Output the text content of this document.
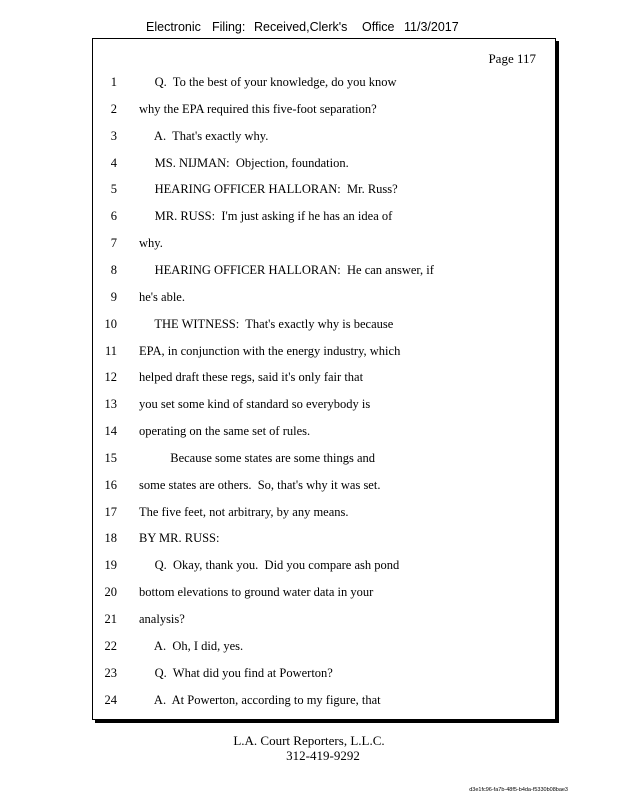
Electronic Filing: Received,Clerk's Office 11/3/2017
Page 117
1 Q.  To the best of your knowledge, do you know
2 why the EPA required this five-foot separation?
3 A.  That's exactly why.
4 MS. NIJMAN:  Objection, foundation.
5 HEARING OFFICER HALLORAN:  Mr. Russ?
6 MR. RUSS:  I'm just asking if he has an idea of
7 why.
8 HEARING OFFICER HALLORAN:  He can answer, if
9 he's able.
10 THE WITNESS:  That's exactly why is because
11 EPA, in conjunction with the energy industry, which
12 helped draft these regs, said it's only fair that
13 you set some kind of standard so everybody is
14 operating on the same set of rules.
15 Because some states are some things and
16 some states are others.  So, that's why it was set.
17 The five feet, not arbitrary, by any means.
18 BY MR. RUSS:
19 Q.  Okay, thank you.  Did you compare ash pond
20 bottom elevations to ground water data in your
21 analysis?
22 A.  Oh, I did, yes.
23 Q.  What did you find at Powerton?
24 A.  At Powerton, according to my figure, that
L.A. Court Reporters, L.L.C.
312-419-9292
d3e1fc96-fa7b-48f5-b4da-f5330b08bae3
